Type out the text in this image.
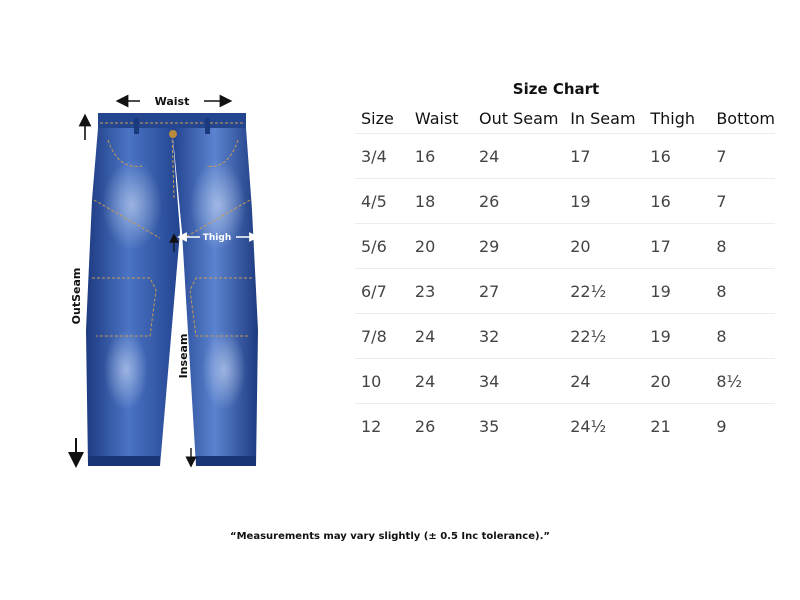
Waist
Thigh
OutSeam
Inseam
Size Chart
Size	Waist	Out Seam	In Seam	Thigh	Bottom
3/4	16	24	17	16	7
4/5	18	26	19	16	7
5/6	20	29	20	17	8
6/7	23	27	22½	19	8
7/8	24	32	22½	19	8
10	24	34	24	20	8½
12	26	35	24½	21	9
“Measurements may vary slightly (± 0.5 Inc tolerance).”
